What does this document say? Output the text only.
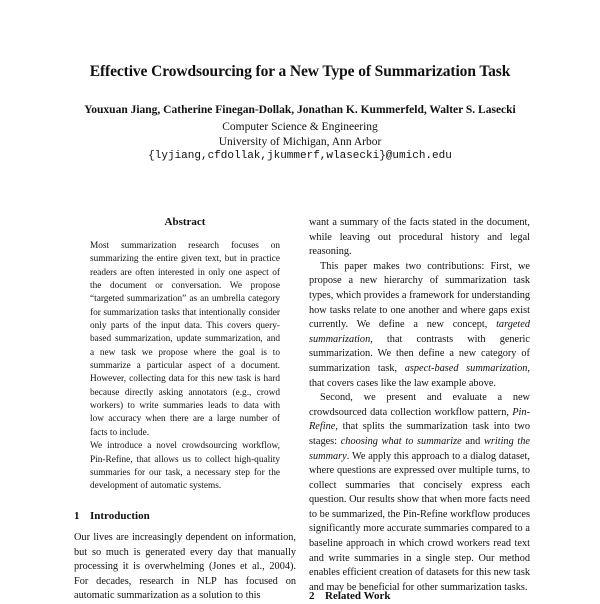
Effective Crowdsourcing for a New Type of Summarization Task
Youxuan Jiang, Catherine Finegan-Dollak, Jonathan K. Kummerfeld, Walter S. Lasecki
Computer Science & Engineering
University of Michigan, Ann Arbor
{lyjiang,cfdollak,jkummerf,wlasecki}@umich.edu
Abstract

Most summarization research focuses on summarizing the entire given text, but in practice readers are often interested in only one aspect of the document or conversation. We propose “targeted summarization” as an umbrella category for summarization tasks that intentionally consider only parts of the input data. This covers query-based summarization, update summarization, and a new task we propose where the goal is to summarize a particular aspect of a document. However, collecting data for this new task is hard because directly asking annotators (e.g., crowd workers) to write summaries leads to data with low accuracy when there are a large number of facts to include.

We introduce a novel crowdsourcing workflow, Pin-Refine, that allows us to collect high-quality summaries for our task, a necessary step for the development of automatic systems.

1 Introduction

Our lives are increasingly dependent on information, but so much is generated every day that manually processing it is overwhelming (Jones et al., 2004). For decades, research in NLP has focused on automatic summarization as a solution to this

want a summary of the facts stated in the document, while leaving out procedural history and legal reasoning.

This paper makes two contributions: First, we propose a new hierarchy of summarization task types, which provides a framework for understanding how tasks relate to one another and where gaps exist currently. We define a new concept, targeted summarization, that contrasts with generic summarization. We then define a new category of summarization task, aspect-based summarization, that covers cases like the law example above.

Second, we present and evaluate a new crowdsourced data collection workflow pattern, Pin-Refine, that splits the summarization task into two stages: choosing what to summarize and writing the summary. We apply this approach to a dialog dataset, where questions are expressed over multiple turns, to collect summaries that concisely express each question. Our results show that when more facts need to be summarized, the Pin-Refine workflow produces significantly more accurate summaries compared to a baseline approach in which crowd workers read text and write summaries in a single step. Our method enables efficient creation of datasets for this new task and may be beneficial for other summarization tasks.

2 Related Work
